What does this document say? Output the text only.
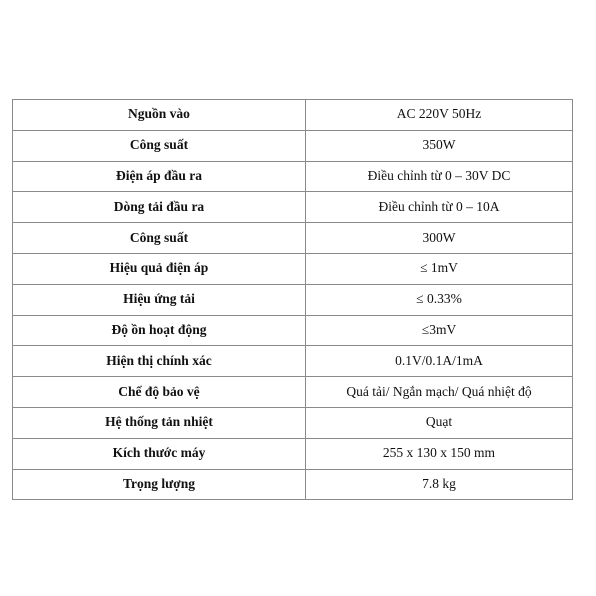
Nguồn vào	AC 220V 50Hz
Công suất	350W
Điện áp đầu ra	Điều chỉnh từ 0 – 30V DC
Dòng tải đầu ra	Điều chỉnh từ 0 – 10A
Công suất	300W
Hiệu quả điện áp	≤ 1mV
Hiệu ứng tải	≤ 0.33%
Độ ồn hoạt động	≤3mV
Hiện thị chính xác	0.1V/0.1A/1mA
Chế độ bảo vệ	Quá tải/ Ngắn mạch/ Quá nhiệt độ
Hệ thống tản nhiệt	Quạt
Kích thước máy	255 x 130 x 150 mm
Trọng lượng	7.8 kg
